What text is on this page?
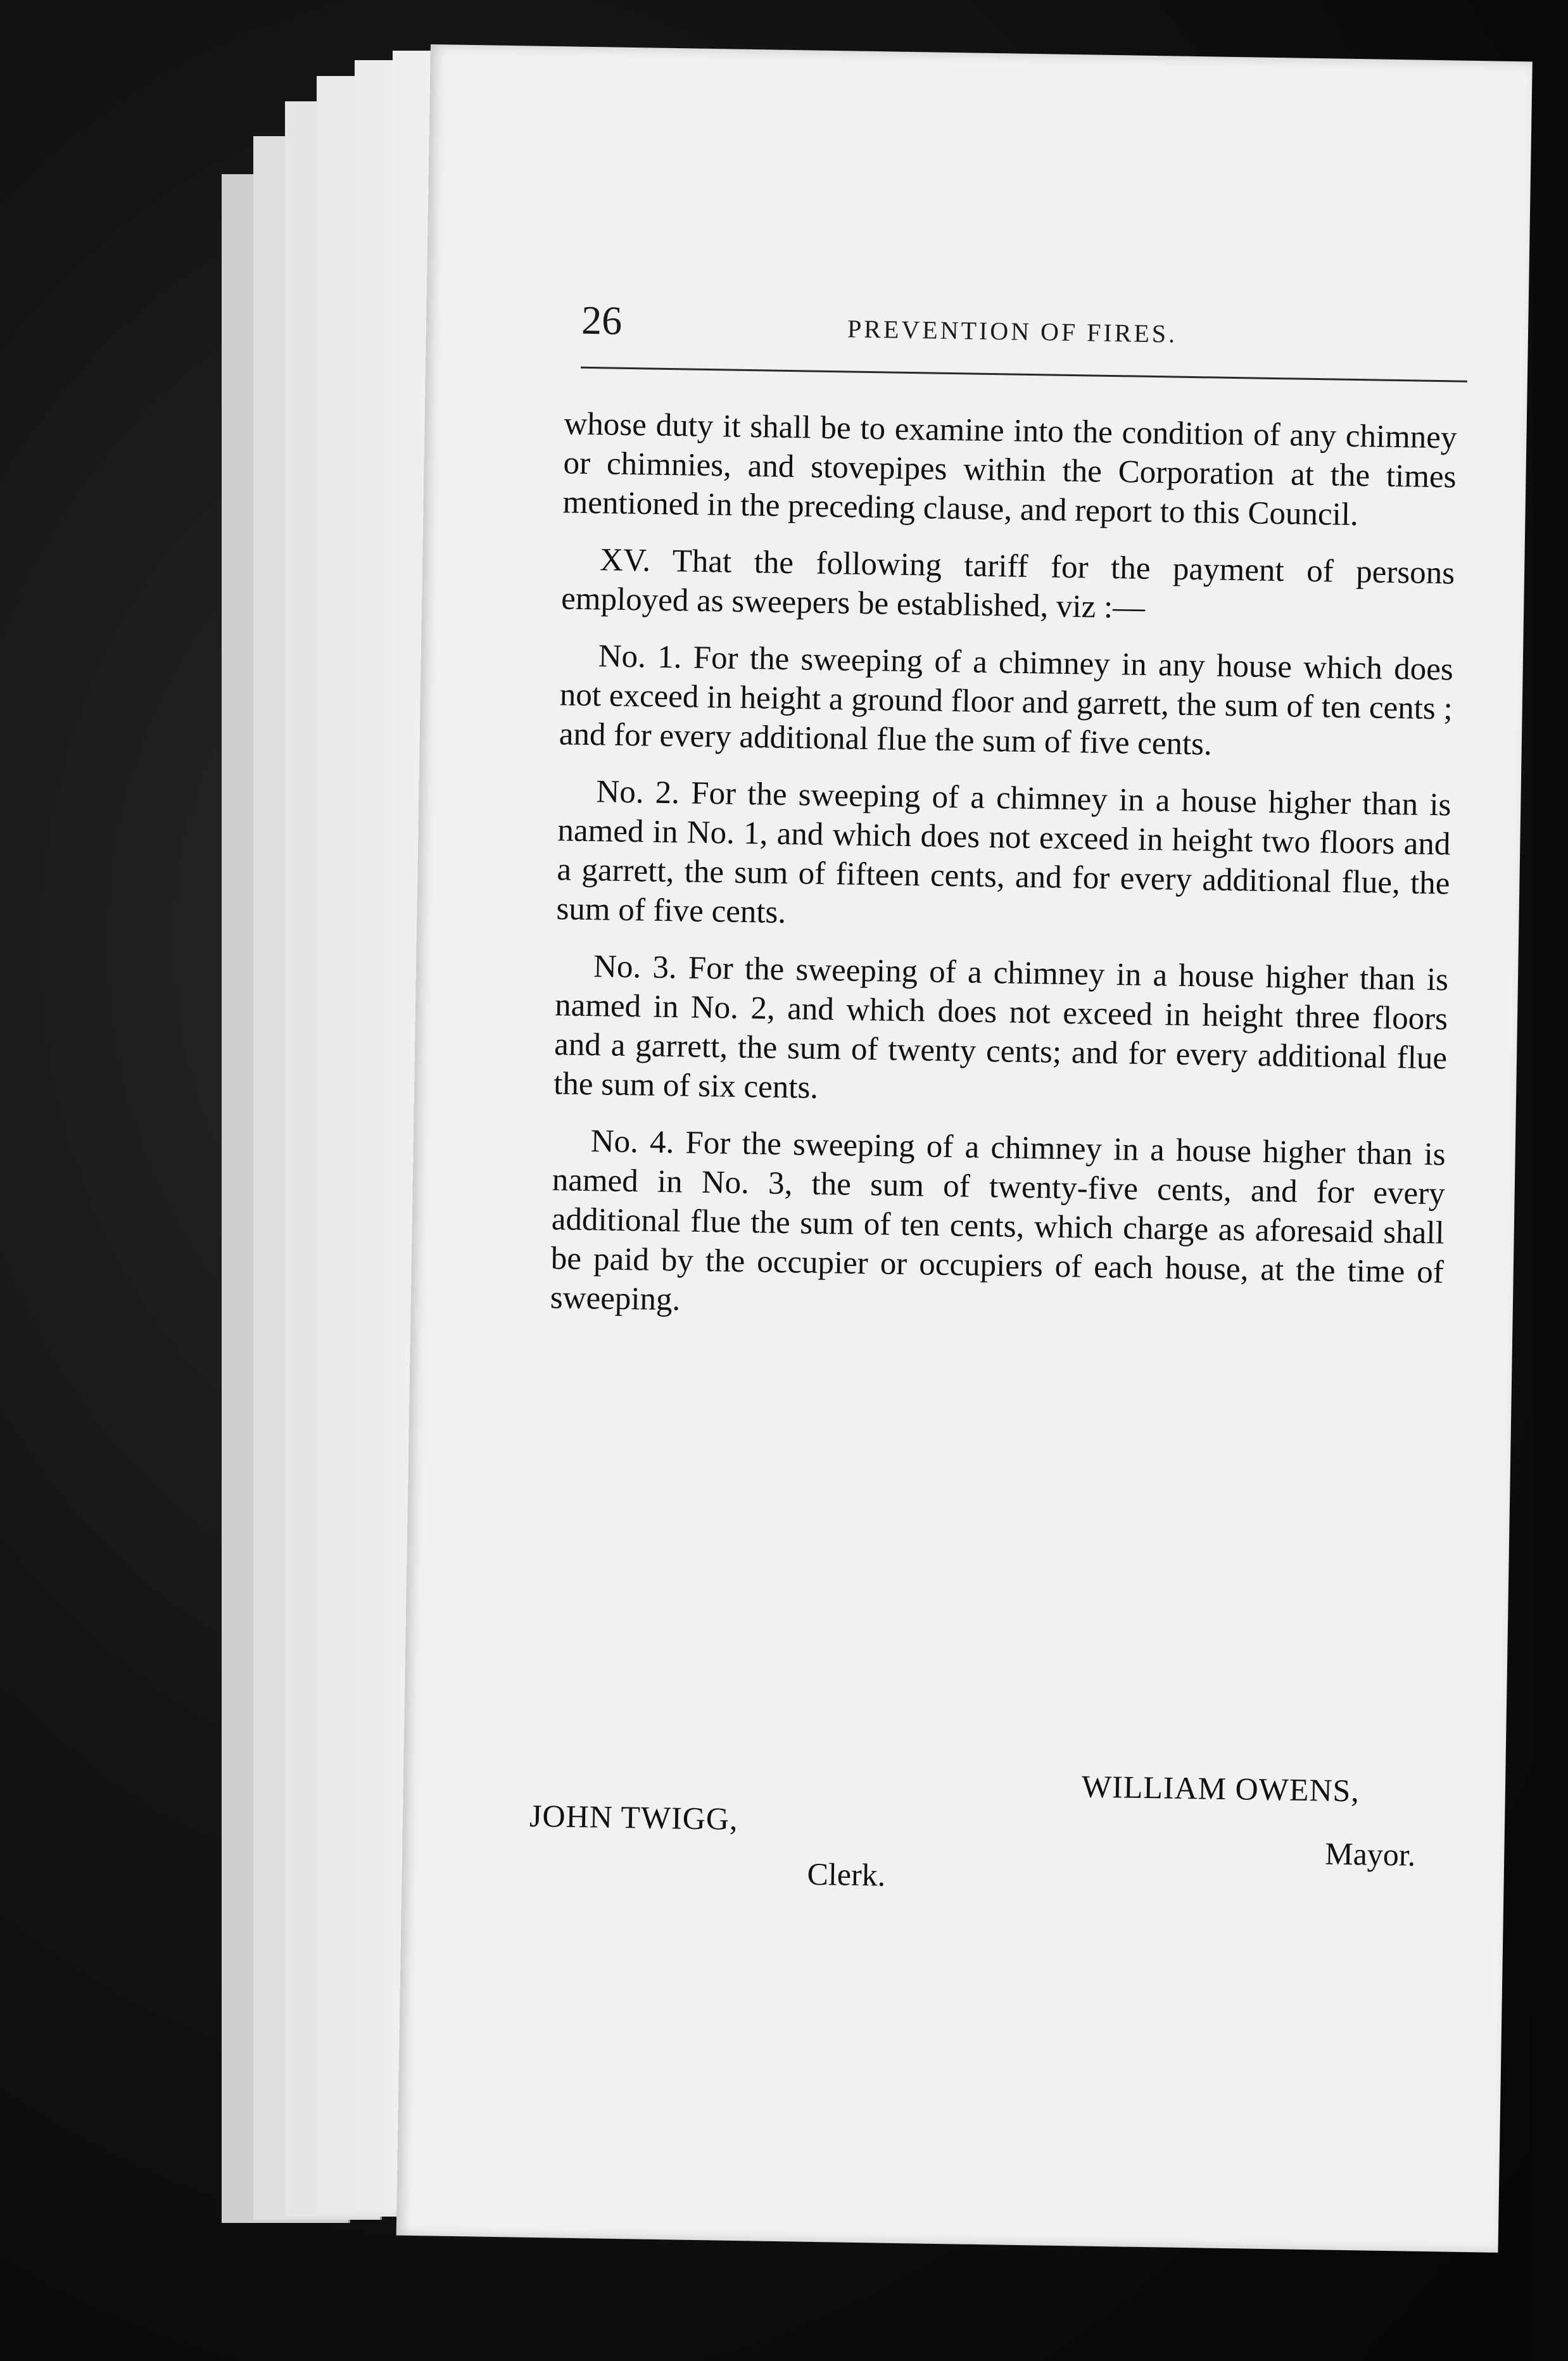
26	PREVENTION OF FIRES.

whose duty it shall be to examine into the condition of any chimney or chimnies, and stovepipes within the Corporation at the times mentioned in the preceding clause, and report to this Council.

XV. That the following tariff for the payment of persons employed as sweepers be established, viz :—

No. 1. For the sweeping of a chimney in any house which does not exceed in height a ground floor and garrett, the sum of ten cents ; and for every additional flue the sum of five cents.

No. 2. For the sweeping of a chimney in a house higher than is named in No. 1, and which does not exceed in height two floors and a garrett, the sum of fifteen cents, and for every additional flue, the sum of five cents.

No. 3. For the sweeping of a chimney in a house higher than is named in No. 2, and which does not exceed in height three floors and a garrett, the sum of twenty cents; and for every additional flue the sum of six cents.

No. 4. For the sweeping of a chimney in a house higher than is named in No. 3, the sum of twenty-five cents, and for every additional flue the sum of ten cents, which charge as aforesaid shall be paid by the occupier or occupiers of each house, at the time of sweeping.

WILLIAM OWENS,
Mayor.
JOHN TWIGG,
Clerk.
